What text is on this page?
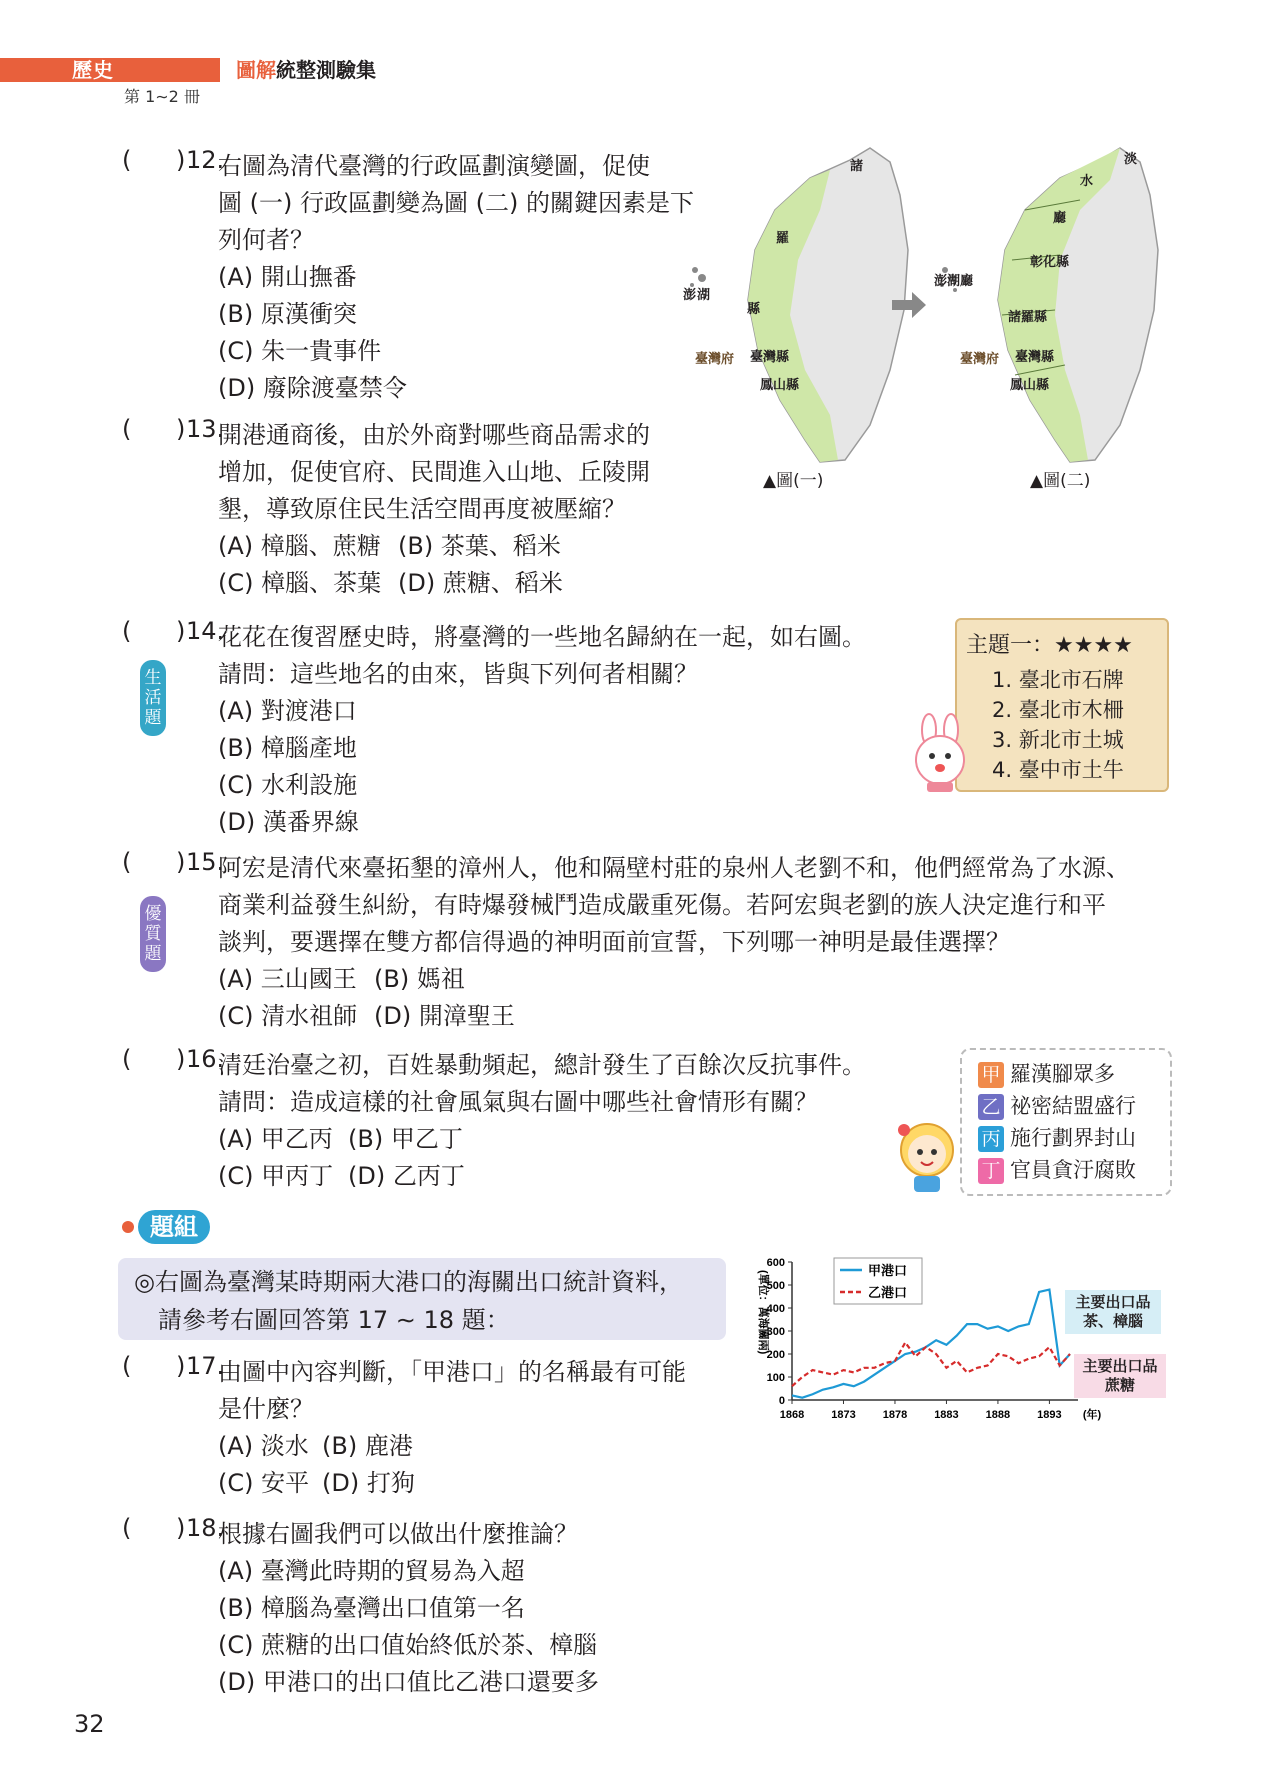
歷史	圖解統整測驗集
第 1∼2 冊
( ) 12.
右圖為清代臺灣的行政區劃演變圖，促使
圖 (一) 行政區劃變為圖 (二) 的關鍵因素是下
列何者？
(A) 開山撫番
(B) 原漢衝突
(C) 朱一貴事件
(D) 廢除渡臺禁令
諸
羅
縣
臺灣府 臺灣縣
鳳山縣
澎 湖
▲圖(一)
淡
水
廳
彰化縣
諸羅縣
澎湖廳
臺灣府 臺灣縣
鳳山縣
▲圖(二)
( ) 13.
開港通商後，由於外商對哪些商品需求的
增加，促使官府、民間進入山地、丘陵開
墾，導致原住民生活空間再度被壓縮？
(A) 樟腦、蔗糖 (B) 茶葉、稻米
(C) 樟腦、茶葉 (D) 蔗糖、稻米
( ) 14.
生活題
花花在復習歷史時，將臺灣的一些地名歸納在一起，如右圖。
請問：這些地名的由來，皆與下列何者相關？
(A) 對渡港口
(B) 樟腦產地
(C) 水利設施
(D) 漢番界線
主題一：★★★★
1. 臺北市石牌
2. 臺北市木柵
3. 新北市土城
4. 臺中市土牛
( ) 15.
優質題
阿宏是清代來臺拓墾的漳州人，他和隔壁村莊的泉州人老劉不和，他們經常為了水源、
商業利益發生糾紛，有時爆發械鬥造成嚴重死傷。若阿宏與老劉的族人決定進行和平
談判，要選擇在雙方都信得過的神明面前宣誓，下列哪一神明是最佳選擇？
(A) 三山國王 (B) 媽祖
(C) 清水祖師 (D) 開漳聖王
( ) 16.
清廷治臺之初，百姓暴動頻起，總計發生了百餘次反抗事件。
請問：造成這樣的社會風氣與右圖中哪些社會情形有關？
(A) 甲乙丙 (B) 甲乙丁
(C) 甲丙丁 (D) 乙丙丁
甲 羅漢腳眾多
乙 祕密結盟盛行
丙 施行劃界封山
丁 官員貪汙腐敗
題組
◎右圖為臺灣某時期兩大港口的海關出口統計資料，
請參考右圖回答第 17 ∼ 18 題：
0
100
200
300
400
500
600
1868 1873 1878 1883 1888 1893 (年)
(單位：萬海關兩)	甲港口
乙港口	主要出口品 茶、樟腦
主要出口品 蔗糖
( ) 17.
由圖中內容判斷，「甲港口」的名稱最有可能
是什麼？
(A) 淡水 (B) 鹿港
(C) 安平 (D) 打狗
( ) 18.
根據右圖我們可以做出什麼推論？
(A) 臺灣此時期的貿易為入超
(B) 樟腦為臺灣出口值第一名
(C) 蔗糖的出口值始終低於茶、樟腦
(D) 甲港口的出口值比乙港口還要多
32
